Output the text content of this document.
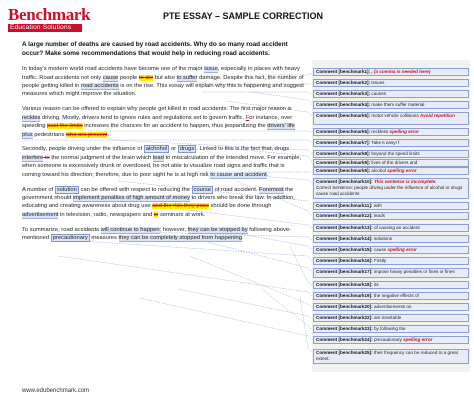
Benchmark
Education Solutions
PTE ESSAY – SAMPLE CORRECTION
A large number of deaths are caused by road accidents. Why do so many road accident occur? Make some recommendations that would help in reducing road accidents.

In today's modern world road accidents have become one of the major issue, especially in places with heavy traffic. Road accidents not only cause people to die but also to suffer damage. Despite this fact, the number of people getting killed in road accidents is on the rise. This essay will explain why this is happening and suggest measures which might improve the situation.

Various reason can be offered to explain why people get killed in road accidents. The first major reason is reckles driving. Mostly, drivers tend to ignore rules and regulations set to govern traffic. For instance, over speeding past the limits increases the chances for an accident to happen, thus jeopardizing the drivers' life plus pedestrians who are present.

Secondly, people driving under the influence of alchohol or drugs . Linked to this is the fact that, drugs interfere to the normal judgment of the brain which lead to miscalculation of the intended move. For example, when someone is excessively drunk or overdosed, he not able to visualize road signs and traffic that is coming toward his direction; therefore, due to poor sight he is at high risk to cause and accident.

A number of solution can be offered with respect to reducing the course of road accident. Foremost the government should implement penalties of high amount of money to drivers who break the law. In addition, educating and creating awareness about drug use and the risk they pose should be done through advertisement in television, radio, newspapers and in seminars at work.

To summarize, road accidents will continue to happen; however, they can be stopped by following above-mentioned precautionary measures they can be completely stopped from happening.

Comment [benchmark1]: , (a comma is needed here)
Comment [benchmark2]: issues
Comment [benchmark3]: causes
Comment [benchmark4]: make them suffer material
Comment [benchmark5]: motor vehicle collisions Avoid repetition
Comment [benchmark6]: reckless spelling error
Comment [benchmark7]: Take it easy! f
Comment [benchmark8]: beyond the speed limits
Comment [benchmark9]: lives of the drivers and
Comment [benchmark9]: alcohol spelling error
Comment [benchmark10]: This sentence is incomplete.
Correct Sentence: people driving under the influence of alcohol or drugs cause road accidents
Comment [benchmark11]: with
Comment [benchmark12]: leads
Comment [benchmark13]: of causing an accident
Comment [benchmark14]: solutions
Comment [benchmark15]: cause spelling error
Comment [benchmark16]: Firstly
Comment [benchmark17]: impose heavy penalties or fines or fines
Comment [benchmark18]: its
Comment [benchmark19]: the negative effects of
Comment [benchmark20]: advertisements on
Comment [benchmark22]: are inevitable
Comment [benchmark23]: by following the
Comment [benchmark24]: precautionary spelling error
Comment [benchmark25]: their frequency can be reduced to a great extent.
www.edubenchmark.com
